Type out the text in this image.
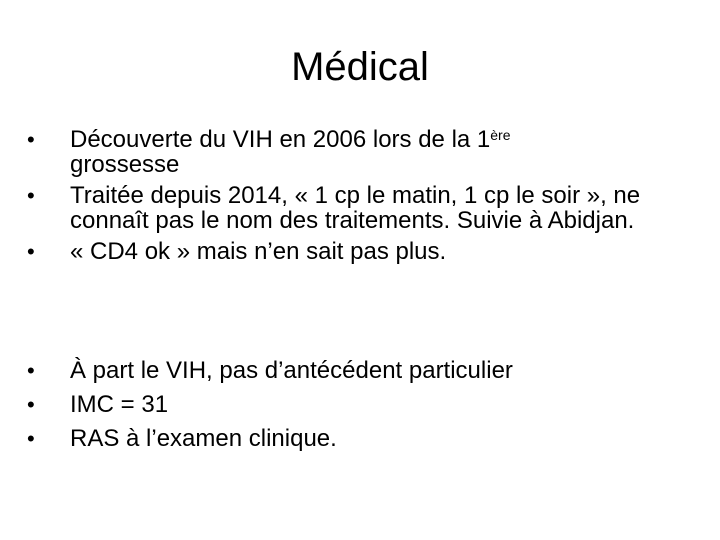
Médical
• Découverte du VIH en 2006 lors de la 1ère
grossesse
• Traitée depuis 2014, « 1 cp le matin, 1 cp le soir », ne connaît pas le nom des traitements. Suivie à Abidjan.
• « CD4 ok » mais n’en sait pas plus.
• À part le VIH, pas d’antécédent particulier
• IMC = 31
• RAS à l’examen clinique.
